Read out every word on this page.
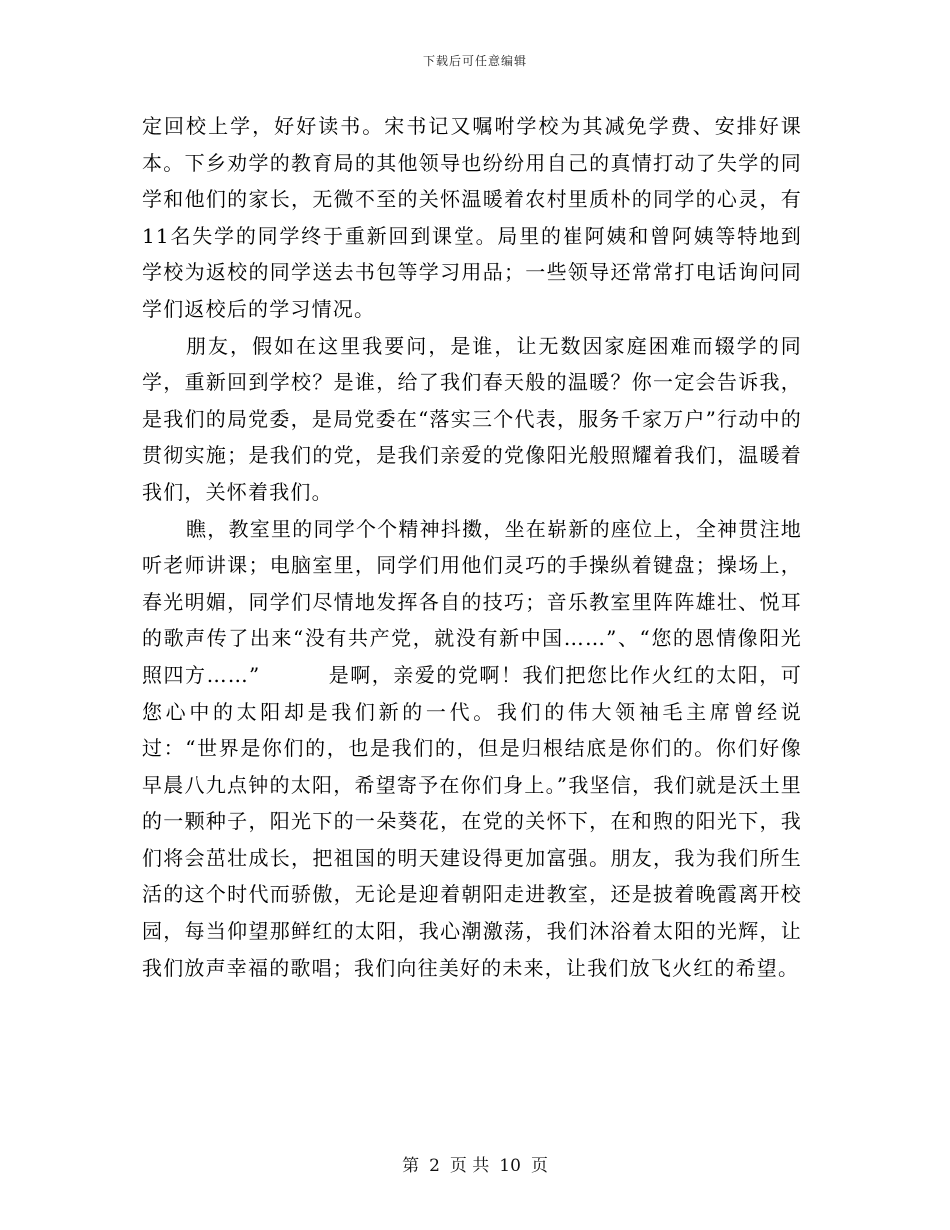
下载后可任意编辑

定回校上学，好好读书。宋书记又嘱咐学校为其减免学费、安排好课本。下乡劝学的教育局的其他领导也纷纷用自己的真情打动了失学的同学和他们的家长，无微不至的关怀温暖着农村里质朴的同学的心灵，有11名失学的同学终于重新回到课堂。局里的崔阿姨和曾阿姨等特地到学校为返校的同学送去书包等学习用品；一些领导还常常打电话询问同学们返校后的学习情况。

朋友，假如在这里我要问，是谁，让无数因家庭困难而辍学的同学，重新回到学校？是谁，给了我们春天般的温暖？你一定会告诉我，是我们的局党委，是局党委在“落实三个代表，服务千家万户”行动中的贯彻实施；是我们的党，是我们亲爱的党像阳光般照耀着我们，温暖着我们，关怀着我们。

瞧，教室里的同学个个精神抖擞，坐在崭新的座位上，全神贯注地听老师讲课；电脑室里，同学们用他们灵巧的手操纵着键盘；操场上，春光明媚，同学们尽情地发挥各自的技巧；音乐教室里阵阵雄壮、悦耳的歌声传了出来“没有共产党，就没有新中国……”、“您的恩情像阳光照四方……”	是啊，亲爱的党啊！我们把您比作火红的太阳，可您心中的太阳却是我们新的一代。我们的伟大领袖毛主席曾经说过：“世界是你们的，也是我们的，但是归根结底是你们的。你们好像早晨八九点钟的太阳，希望寄予在你们身上。”我坚信，我们就是沃土里的一颗种子，阳光下的一朵葵花，在党的关怀下，在和煦的阳光下，我们将会茁壮成长，把祖国的明天建设得更加富强。朋友，我为我们所生活的这个时代而骄傲，无论是迎着朝阳走进教室，还是披着晚霞离开校园，每当仰望那鲜红的太阳，我心潮激荡，我们沐浴着太阳的光辉，让我们放声幸福的歌唱；我们向往美好的未来，让我们放飞火红的希望。

第 2 页 共 10 页
